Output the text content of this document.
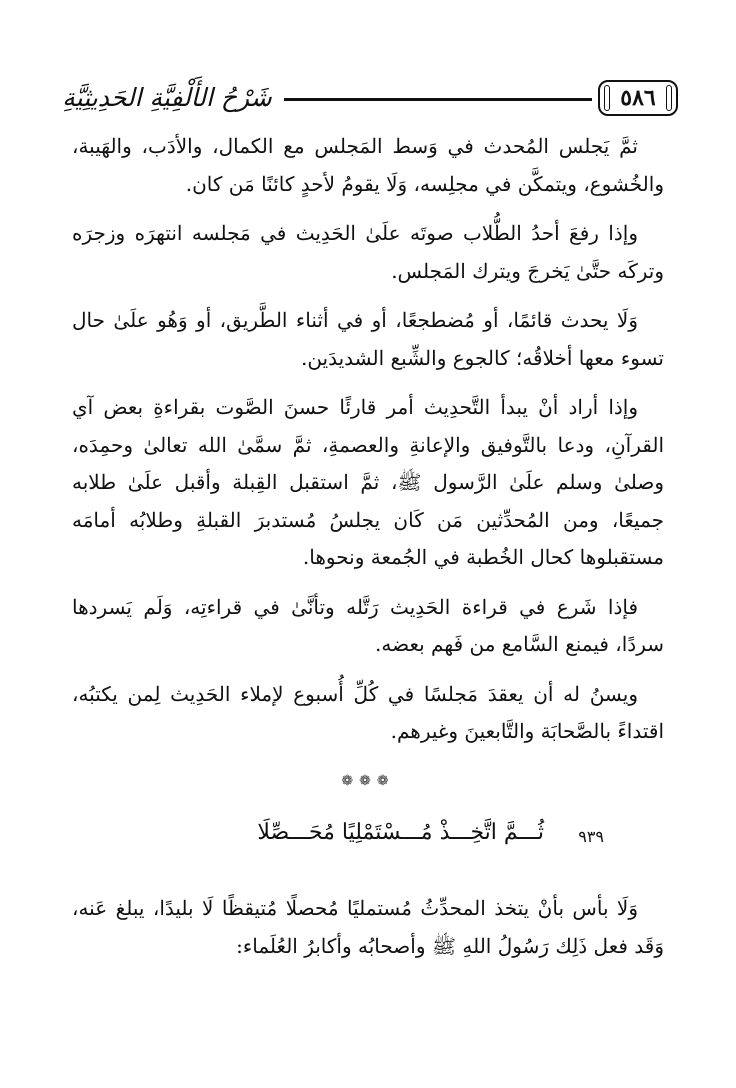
٥٨٦
شَرْحُ الأَلْفِيَّةِ الحَدِيثِيَّةِ

ثمَّ يَجلس المُحدث في وَسط المَجلس مع الكمال، والأدَب، والهَيبة، والخُشوع، ويتمكَّن في مجلِسه، وَلَا يقومُ لأحدٍ كائنًا مَن كان.

وإذا رفعَ أحدُ الطُّلاب صوتَه علَىٰ الحَدِيث في مَجلسه انتهرَه وزجرَه وتركَه حتَّىٰ يَخرجَ ويترك المَجلس.

وَلَا يحدث قائمًا، أو مُضطجعًا، أو في أثناء الطَّريق، أو وَهُو علَىٰ حال تسوء معها أخلاقُه؛ كالجوع والشِّبع الشديدَين.

وإذا أراد أنْ يبدأ التَّحدِيث أمر قارئًا حسنَ الصَّوت بقراءةِ بعض آي القرآنِ، ودعا بالتَّوفيق والإعانةِ والعصمةِ، ثمَّ سمَّىٰ الله تعالىٰ وحمِدَه، وصلىٰ وسلم علَىٰ الرَّسول ﷺ، ثمَّ استقبل القِبلة وأقبل علَىٰ طلابه جميعًا، ومن المُحدِّثين مَن كَان يجلسُ مُستدبرَ القبلةِ وطلابُه أمامَه مستقبلوها كحال الخُطبة في الجُمعة ونحوها.

فإذا شَرع في قراءة الحَدِيث رَتَّله وتأنَّىٰ في قراءتِه، وَلَم يَسردها سردًا، فيمنع السَّامع من فَهم بعضه.

ويسنُ له أن يعقدَ مَجلسًا في كُلِّ أُسبوع لإملاء الحَدِيث لِمن يكتبُه، اقتداءً بالصَّحابَة والتَّابعينَ وغيرهم.

❁❁❁
٩٣٩
ثُـــمَّ اتَّخِـــذْ مُـــسْتَمْلِيًا مُحَـــصِّلَا

وَلَا بأس بأنْ يتخذ المحدِّثُ مُستمليًا مُحصلًا مُتيقظًا لَا بليدًا، يبلغ عَنه، وَقَد فعل ذَلِك رَسُولُ اللهِ ﷺ وأصحابُه وأكابرُ العُلَماء:
